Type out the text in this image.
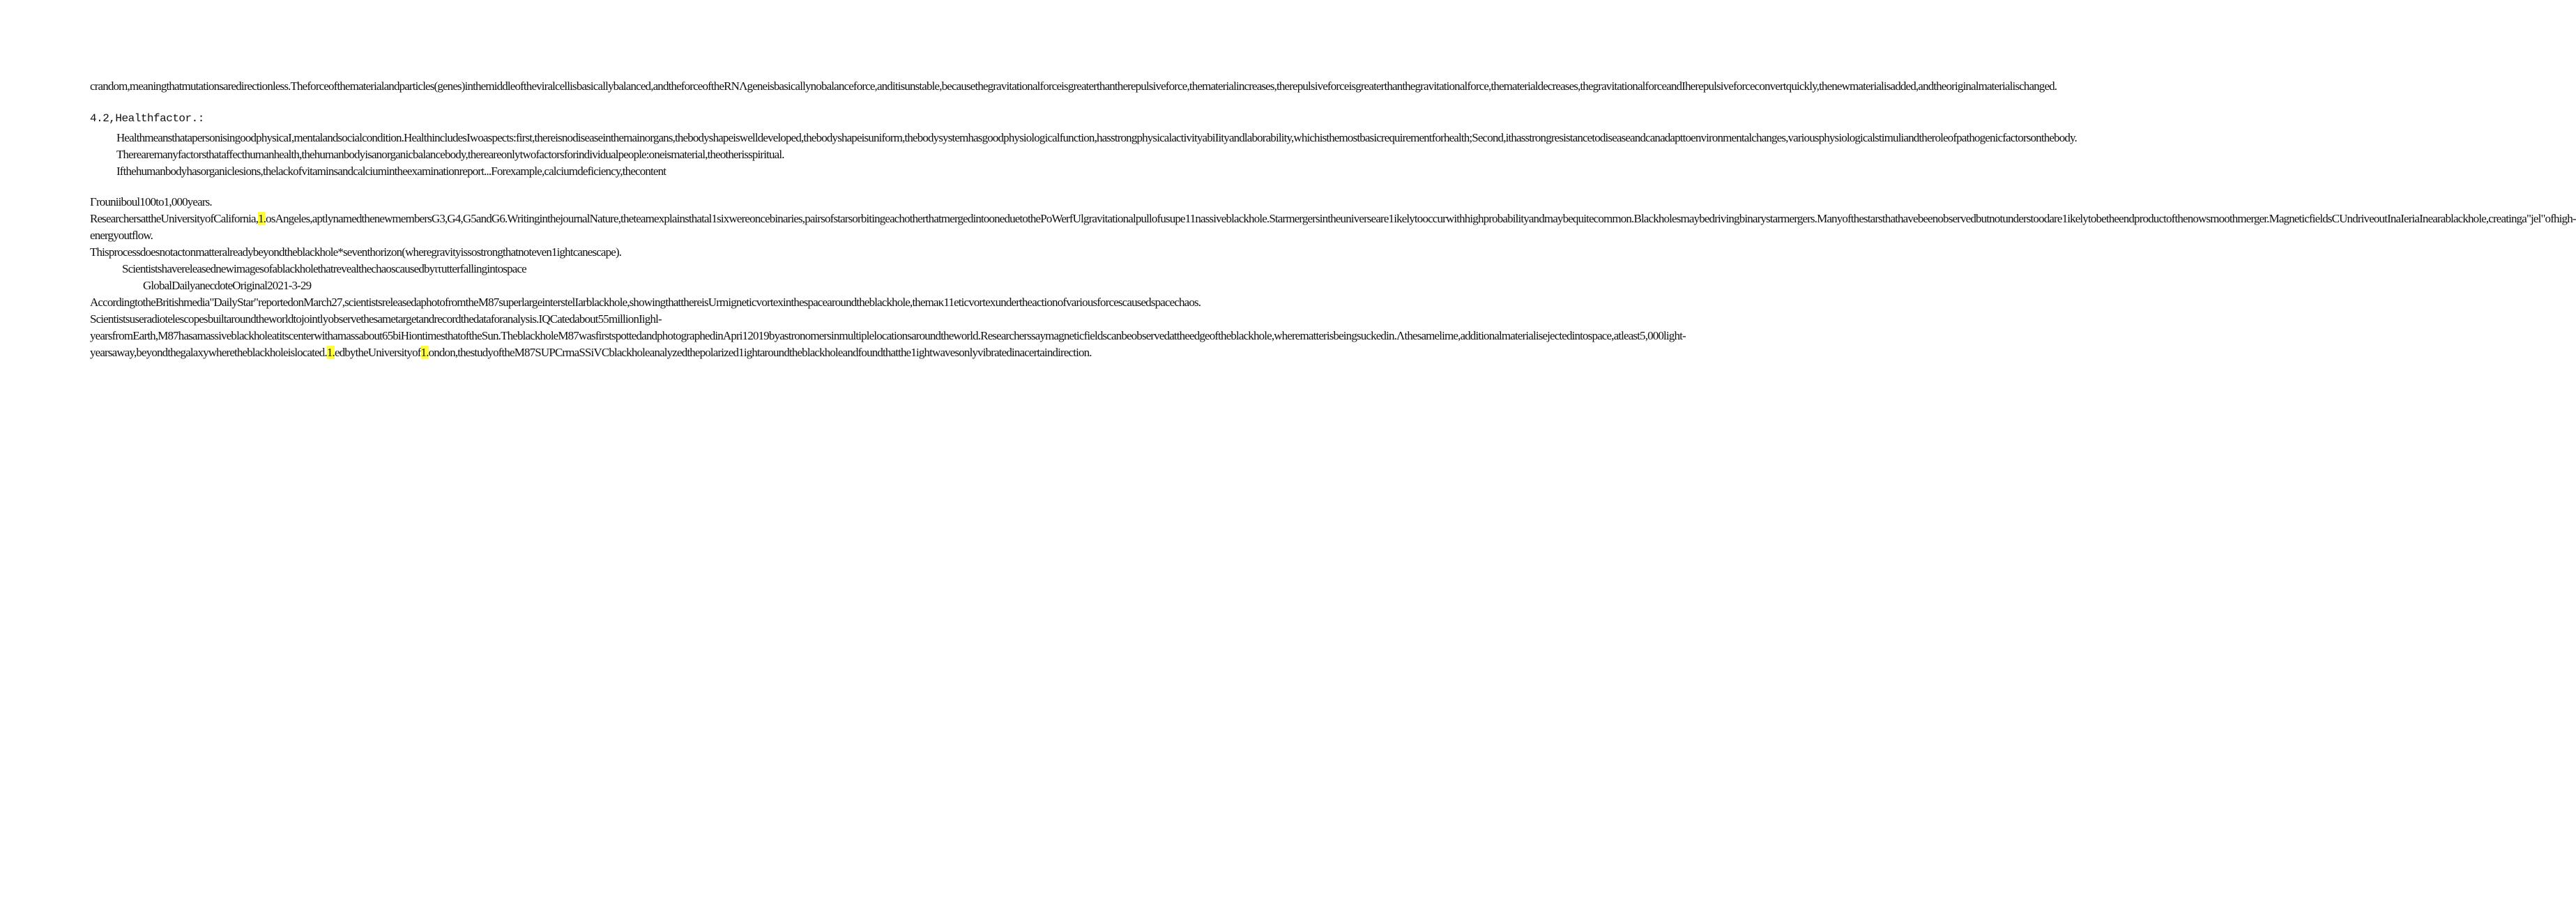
crandom,meaningthatmutationsaredirectionless.Theforceofthematerialandparticles(genes)inthemiddleoftheviralcellisbasicallybalanced,andtheforceoftheRNΛgeneisbasicallynobalanceforce,anditisunstable,becausethegravitationalforceisgreaterthantherepulsiveforce,thematerialincreases,therepulsiveforceisgreaterthanthegravitationalforce,thematerialdecreases,thegravitationalforceandIherepulsiveforceconvertquickly,thenewmaterialisadded,andtheoriginalmaterialischanged.

4.2,Healthfactor.:

HealthmeansthatapersonisingoodphysicaI,mentalandsocialcondition.HealthincludesIwoaspects:first,thereisnodiseaseinthemainorgans,thebodyshapeiswelldeveloped,thebodyshapeisuniform,thebodysystemhasgoodphysiologicalfunction,hasstrongphysicalactivityabiIityandlaborability,whichisthemostbasicrequirementforhealth;Second,ithasstrongresistancetodiseaseandcanadapttoenvironmentalchanges,variousphysiologicalstimuliandtheroleofpathogenicfactorsonthebody.

Therearemanyfactorsthataffecthumanhealth,thehumanbodyisanorganicbalancebody,thereareonlytwofactorsforindividualpeople:oneismaterial,theotherisspiritual.

Ifthehumanbodyhasorganiclesions,thelackofvitaminsandcalciumintheexaminationreport...Forexample,calciumdeficiency,thecontent

Γrouniiboul100to1,000years.

ResearchersattheUniversityofCalifornia,1.osAngeles,aptlynamedthenewmembersG3,G4,G5andG6.WritinginthejournalNature,theteamexplainsthatal1sixwereoncebinaries,pairsofstarsorbitingeachotherthatmergedintooneduetothePoWerfUlgravitationalpullofusupe11nassiveblackhole.Starmergersintheuniverseare1ikelytooccurwithhighprobabilityandmaybequitecommon.Blackholesmaybedrivingbinarystarmergers.Manyofthestarsthathavebeenobservedbutnotunderstoodare1ikelytobetheendproductofthenowsmoothmerger.MagneticfieldsCUndriveoutInaIeriaInearablackhole,creatinga"jel"ofhigh-energyoutflow.

Thisprocessdoesnotactonmatteralreadybeyondtheblackhole*seventhorizon(wheregravityissostrongthatnoteven1ightcanescape).

Scientistshavereleasednewimagesofablackholethatrevealthechaoscausedbyιτutterfallingintospace

GlobalDailyanecdoteOriginal2021-3-29

AccordingtotheBritishmedia"DailyStar"reportedonMarch27,scientistsreleasedaphotofromtheM87superlargeinterstelIarblackhole,showingthatthereisUrmigneticvortexinthespacearoundtheblackhole,themaκ11eticvortexundertheactionofvariousforcescausedspacechaos.

Scientistsuseradiotelescopesbuiltaroundtheworldtojointlyobservethesametargetandrecordthedataforanalysis.IQCatedabout55millionIighl-yearsfromEarth,M87hasamassiveblackholeatitscenterwithamassabout65biHiontimesthatoftheSun.TheblackholeM87wasfirstspottedandphotographedinApri12019byastronomersinmultiplelocationsaroundtheworld.Researcherssaymagneticfieldscanbeobservedattheedgeoftheblackhole,wherematterisbeingsuckedin.Λthesamelime,additionalmaterialisejectedintospace,atleast5,000light-yearsaway,beyondthegalaxywheretheblackholeislocated.1.edbytheUniversityof1.ondon,thestudyoftheM87SUPCrmaSSiVCblackholeanalyzedthepolarized1ightaroundtheblackholeandfoundthatthe1ightwavesonlyvibratedinacertaindirection.
